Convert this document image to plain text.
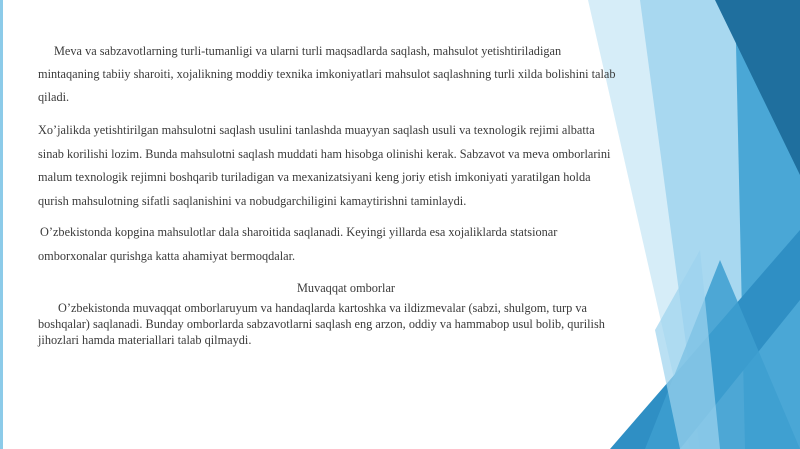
Meva va sabzavotlarning turli-tumanligi va ularni turli maqsadlarda saqlash, mahsulot yetishtiriladigan mintaqaning tabiiy sharoiti, xojalikning moddiy texnika imkoniyatlari mahsulot saqlashning turli xilda bolishini talab qiladi.

Xo’jalikda yetishtirilgan mahsulotni saqlash usulini tanlashda muayyan saqlash usuli va texnologik rejimi albatta sinab korilishi lozim. Bunda mahsulotni saqlash muddati ham hisobga olinishi kerak. Sabzavot va meva omborlarini malum texnologik rejimni boshqarib turiladigan va mexanizatsiyani keng joriy etish imkoniyati yaratilgan holda qurish mahsulotning sifatli saqlanishini va nobudgarchiligini kamaytirishni taminlaydi.

O’zbekistonda kopgina mahsulotlar dala sharoitida saqlanadi. Keyingi yillarda esa xojaliklarda statsionar omborxonalar qurishga katta ahamiyat bermoqdalar.

Muvaqqat omborlar

O’zbekistonda muvaqqat omborlaruyum va handaqlarda kartoshka va ildizmevalar (sabzi, shulgom, turp va boshqalar) saqlanadi. Bunday omborlarda sabzavotlarni saqlash eng arzon, oddiy va hammabop usul bolib, qurilish jihozlari hamda materiallari talab qilmaydi.
